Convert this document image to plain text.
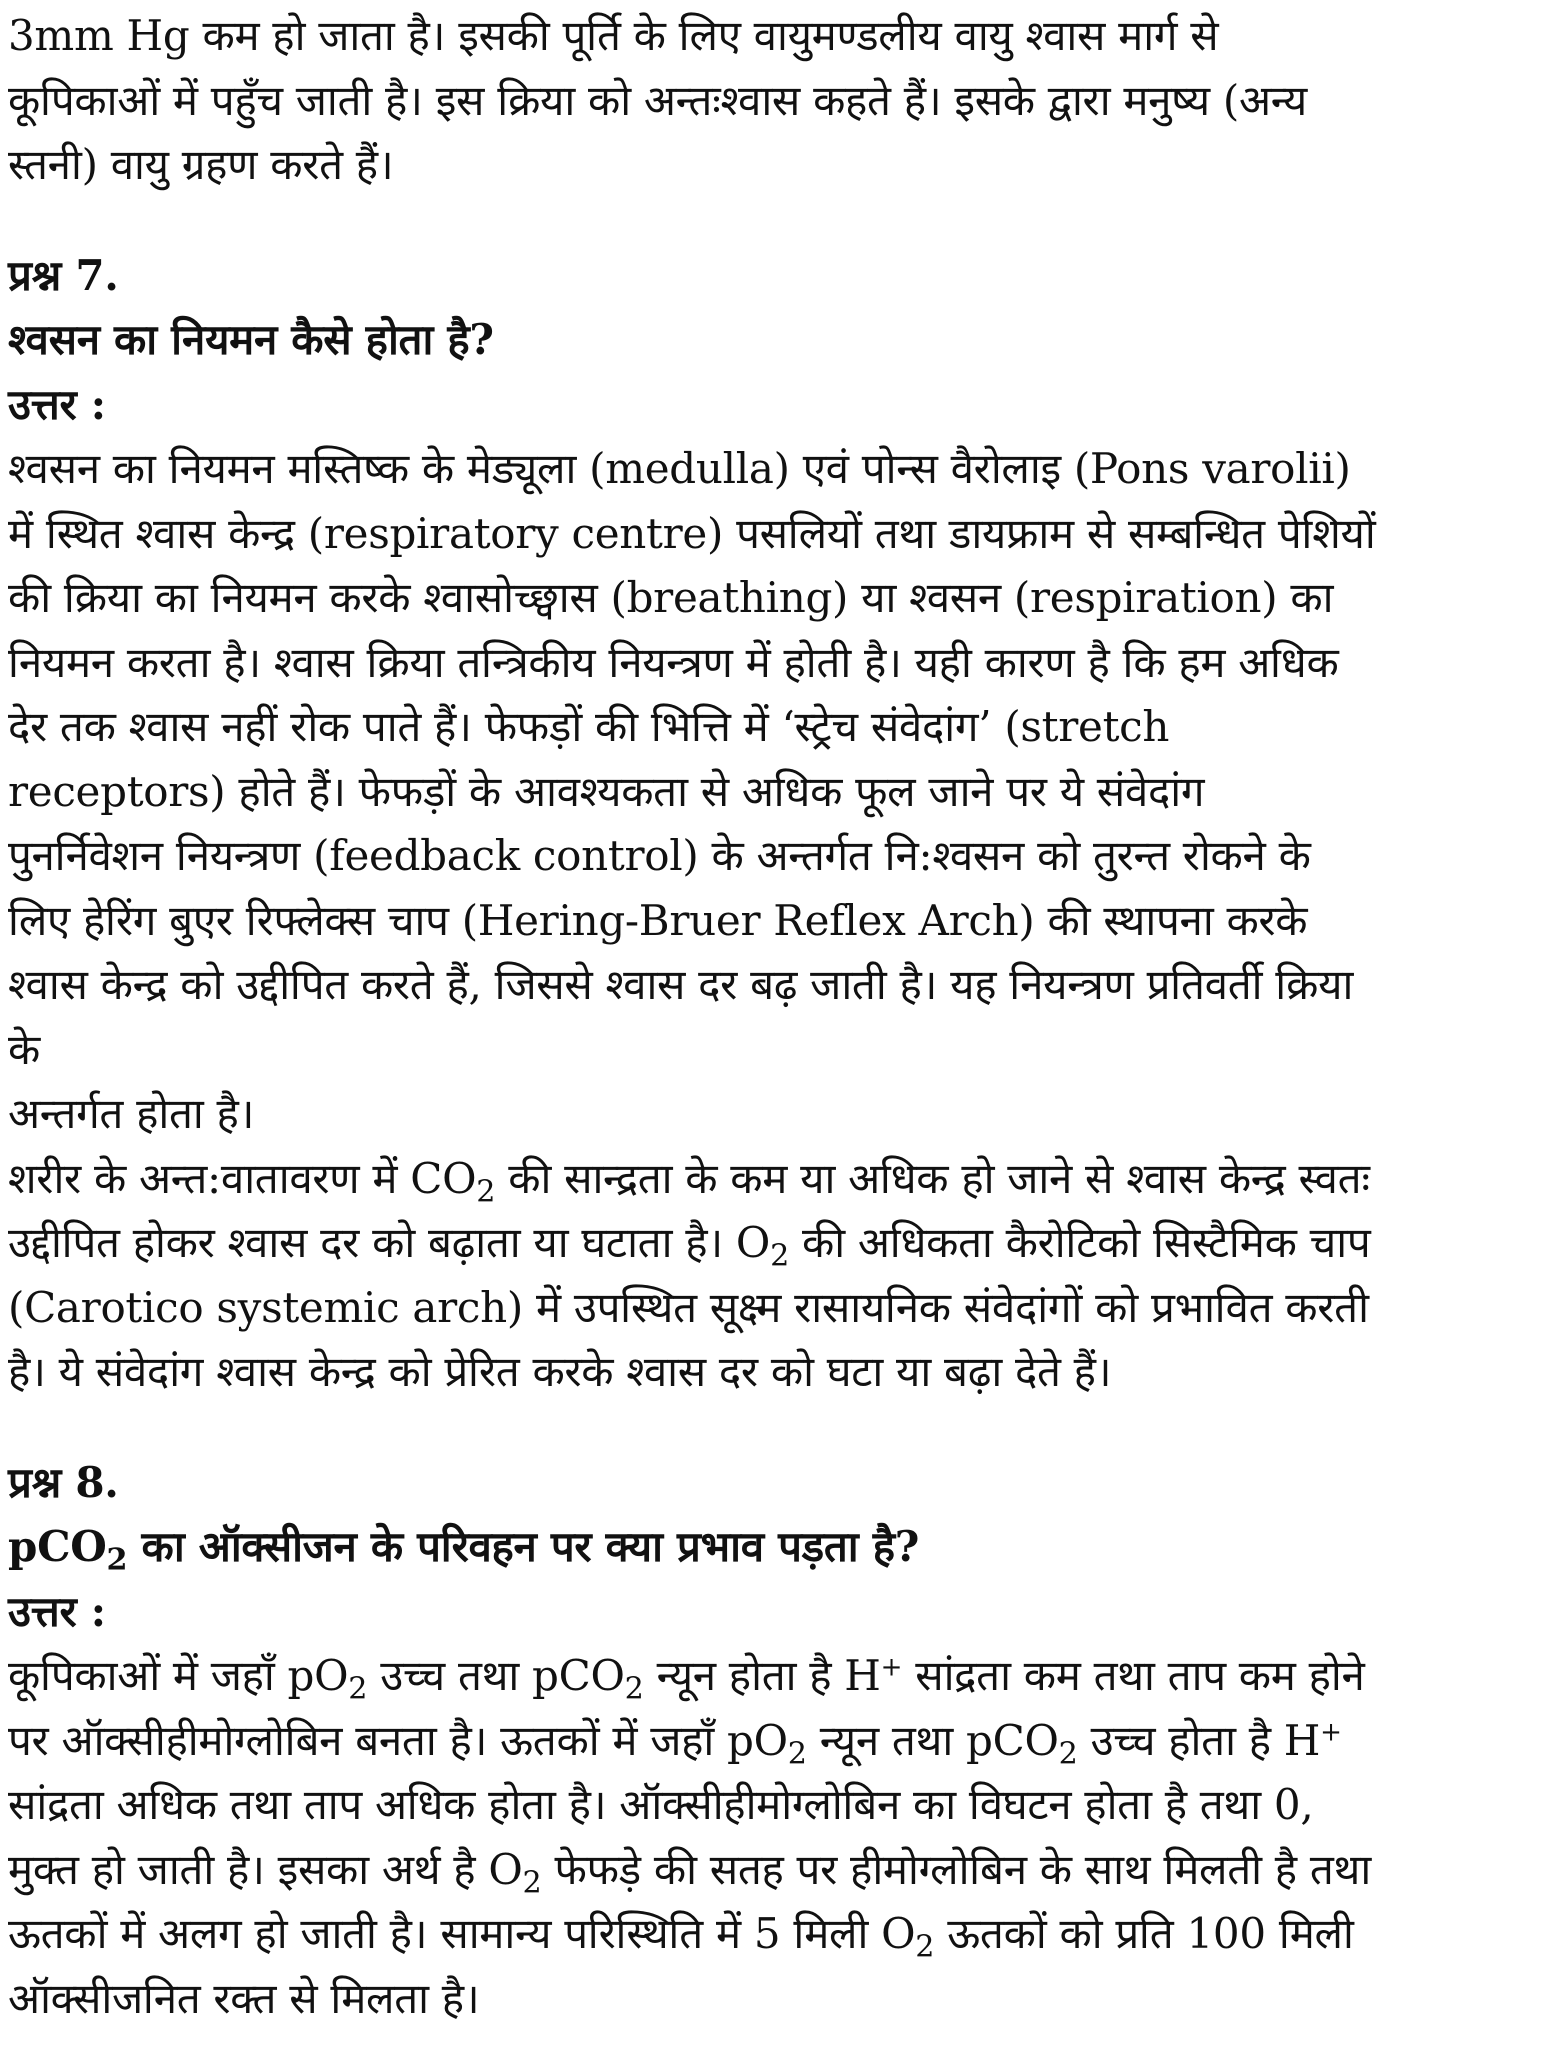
3mm Hg कम हो जाता है। इसकी पूर्ति के लिए वायुमण्डलीय वायु श्वास मार्ग से

कूपिकाओं में पहुँच जाती है। इस क्रिया को अन्तःश्वास कहते हैं। इसके द्वारा मनुष्य (अन्य

स्तनी) वायु ग्रहण करते हैं।

प्रश्न 7.

श्वसन का नियमन कैसे होता है?

उत्तर :

श्वसन का नियमन मस्तिष्क के मेड्यूला (medulla) एवं पोन्स वैरोलाइ (Pons varolii)

में स्थित श्वास केन्द्र (respiratory centre) पसलियों तथा डायफ्राम से सम्बन्धित पेशियों

की क्रिया का नियमन करके श्वासोच्छ्वास (breathing) या श्वसन (respiration) का

नियमन करता है। श्वास क्रिया तन्त्रिकीय नियन्त्रण में होती है। यही कारण है कि हम अधिक

देर तक श्वास नहीं रोक पाते हैं। फेफड़ों की भित्ति में ‘स्ट्रेच संवेदांग’ (stretch

receptors) होते हैं। फेफड़ों के आवश्यकता से अधिक फूल जाने पर ये संवेदांग

पुनर्निवेशन नियन्त्रण (feedback control) के अन्तर्गत नि:श्वसन को तुरन्त रोकने के

लिए हेरिंग बुएर रिफ्लेक्स चाप (Hering-Bruer Reflex Arch) की स्थापना करके

श्वास केन्द्र को उद्दीपित करते हैं, जिससे श्वास दर बढ़ जाती है। यह नियन्त्रण प्रतिवर्ती क्रिया

के

अन्तर्गत होता है।

शरीर के अन्त:वातावरण में $CO_2$ की सान्द्रता के कम या अधिक हो जाने से श्वास केन्द्र स्वतः

उद्दीपित होकर श्वास दर को बढ़ाता या घटाता है। $O_2$ की अधिकता कैरोटिको सिस्टैमिक चाप

(Carotico systemic arch) में उपस्थित सूक्ष्म रासायनिक संवेदांगों को प्रभावित करती

है। ये संवेदांग श्वास केन्द्र को प्रेरित करके श्वास दर को घटा या बढ़ा देते हैं।

प्रश्न 8.

pCO$_2$ का ऑक्सीजन के परिवहन पर क्या प्रभाव पड़ता है?

उत्तर :

कूपिकाओं में जहाँ $pO_2$ उच्च तथा pCO$_2$ न्यून होता है H+ सांद्रता कम तथा ताप कम होने

पर ऑक्सीहीमोग्लोबिन बनता है। ऊतकों में जहाँ $pO_2$ न्यून तथा pCO$_2$ उच्च होता है H+

सांद्रता अधिक तथा ताप अधिक होता है। ऑक्सीहीमोग्लोबिन का विघटन होता है तथा 0,

मुक्त हो जाती है। इसका अर्थ है $O_2$ फेफड़े की सतह पर हीमोग्लोबिन के साथ मिलती है तथा

ऊतकों में अलग हो जाती है। सामान्य परिस्थिति में 5 मिली $O_2$ ऊतकों को प्रति 100 मिली

ऑक्सीजनित रक्त से मिलता है।
